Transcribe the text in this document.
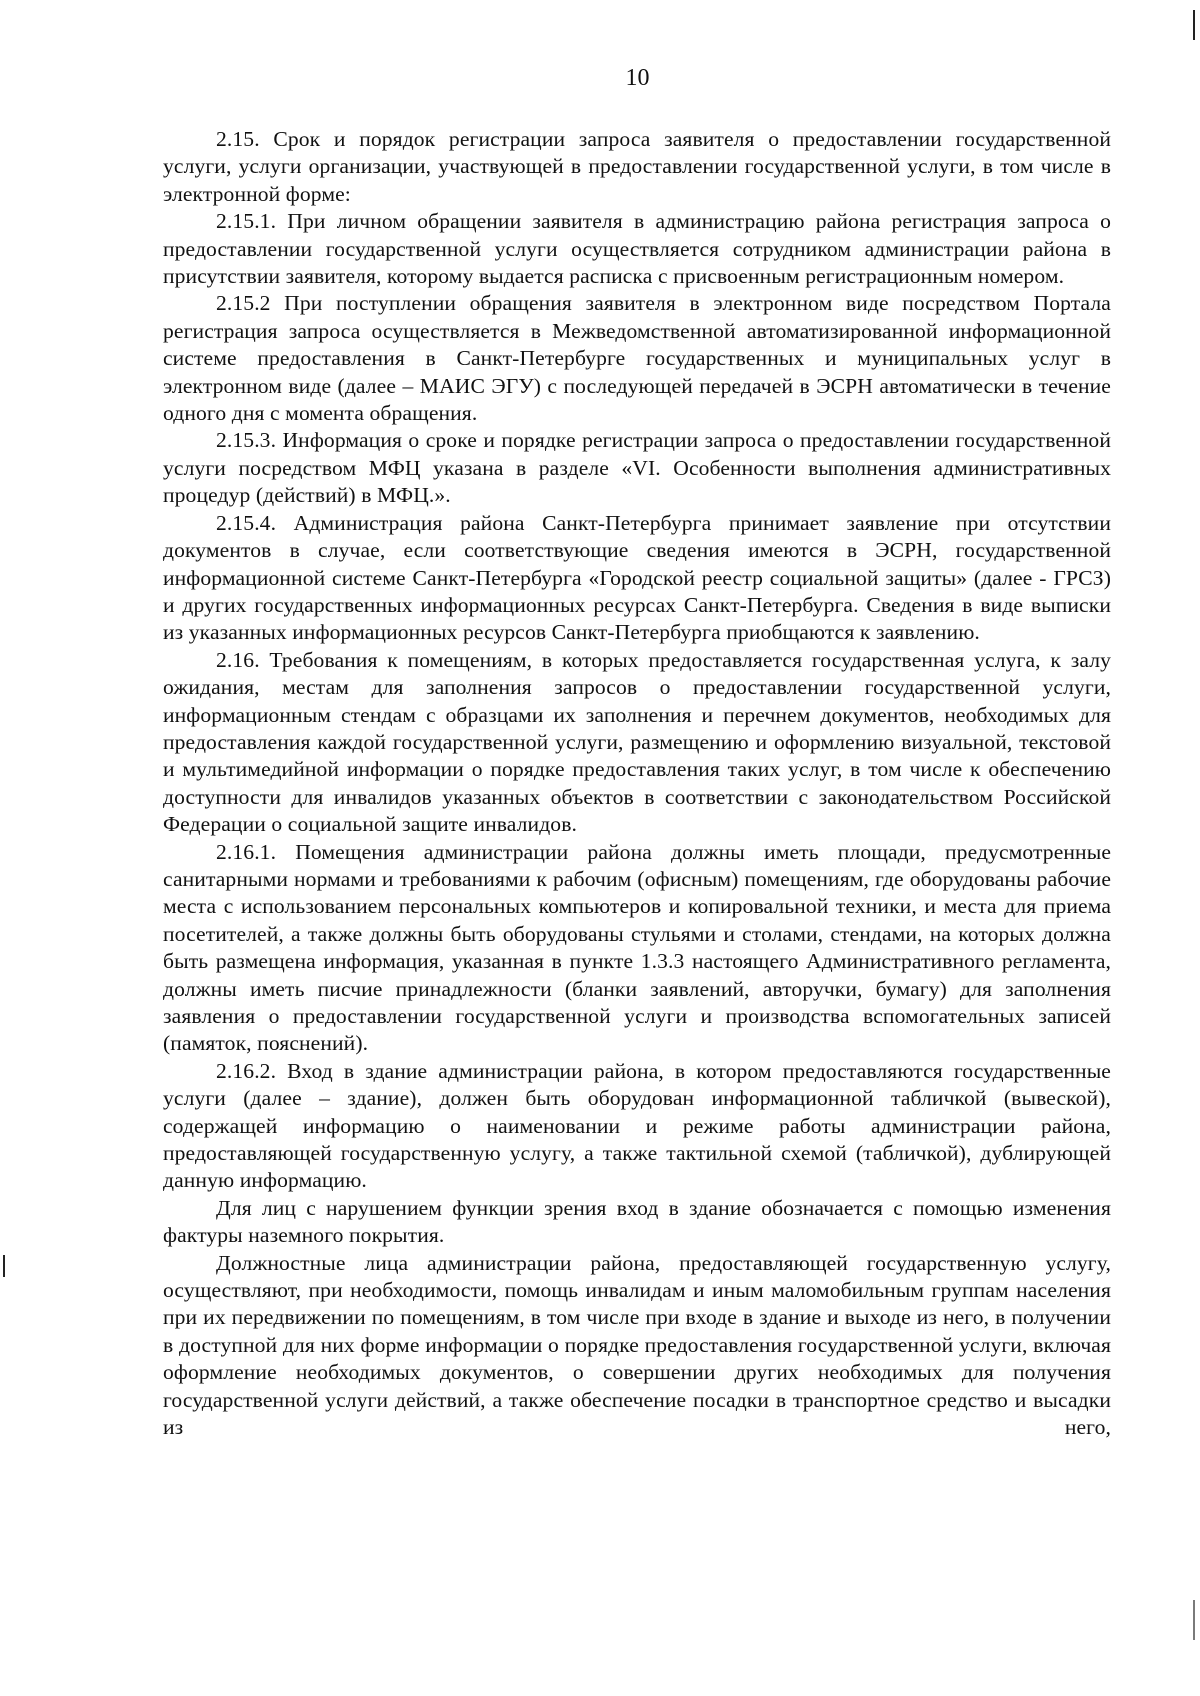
10

2.15. Срок и порядок регистрации запроса заявителя о предоставлении государственной услуги, услуги организации, участвующей в предоставлении государственной услуги, в том числе в электронной форме:

2.15.1. При личном обращении заявителя в администрацию района регистрация запроса о предоставлении государственной услуги осуществляется сотрудником администрации района в присутствии заявителя, которому выдается расписка с присвоенным регистрационным номером.

2.15.2 При поступлении обращения заявителя в электронном виде посредством Портала регистрация запроса осуществляется в Межведомственной автоматизированной информационной системе предоставления в Санкт-Петербурге государственных и муниципальных услуг в электронном виде (далее – МАИС ЭГУ) с последующей передачей в ЭСРН автоматически в течение одного дня с момента обращения.

2.15.3. Информация о сроке и порядке регистрации запроса о предоставлении государственной услуги посредством МФЦ указана в разделе «VI. Особенности выполнения административных процедур (действий) в МФЦ.».

2.15.4. Администрация района Санкт-Петербурга принимает заявление при отсутствии документов в случае, если соответствующие сведения имеются в ЭСРН, государственной информационной системе Санкт-Петербурга «Городской реестр социальной защиты» (далее - ГРСЗ) и других государственных информационных ресурсах Санкт-Петербурга. Сведения в виде выписки из указанных информационных ресурсов Санкт-Петербурга приобщаются к заявлению.

2.16. Требования к помещениям, в которых предоставляется государственная услуга, к залу ожидания, местам для заполнения запросов о предоставлении государственной услуги, информационным стендам с образцами их заполнения и перечнем документов, необходимых для предоставления каждой государственной услуги, размещению и оформлению визуальной, текстовой и мультимедийной информации о порядке предоставления таких услуг, в том числе к обеспечению доступности для инвалидов указанных объектов в соответствии с законодательством Российской Федерации о социальной защите инвалидов.

2.16.1. Помещения администрации района должны иметь площади, предусмотренные санитарными нормами и требованиями к рабочим (офисным) помещениям, где оборудованы рабочие места с использованием персональных компьютеров и копировальной техники, и места для приема посетителей, а также должны быть оборудованы стульями и столами, стендами, на которых должна быть размещена информация, указанная в пункте 1.3.3 настоящего Административного регламента, должны иметь писчие принадлежности (бланки заявлений, авторучки, бумагу) для заполнения заявления о предоставлении государственной услуги и производства вспомогательных записей (памяток, пояснений).

2.16.2. Вход в здание администрации района, в котором предоставляются государственные услуги (далее – здание), должен быть оборудован информационной табличкой (вывеской), содержащей информацию о наименовании и режиме работы администрации района, предоставляющей государственную услугу, а также тактильной схемой (табличкой), дублирующей данную информацию.

Для лиц с нарушением функции зрения вход в здание обозначается с помощью изменения фактуры наземного покрытия.

Должностные лица администрации района, предоставляющей государственную услугу, осуществляют, при необходимости, помощь инвалидам и иным маломобильным группам населения при их передвижении по помещениям, в том числе при входе в здание и выходе из него, в получении в доступной для них форме информации о порядке предоставления государственной услуги, включая оформление необходимых документов, о совершении других необходимых для получения государственной услуги действий, а также обеспечение посадки в транспортное средство и высадки из него,
